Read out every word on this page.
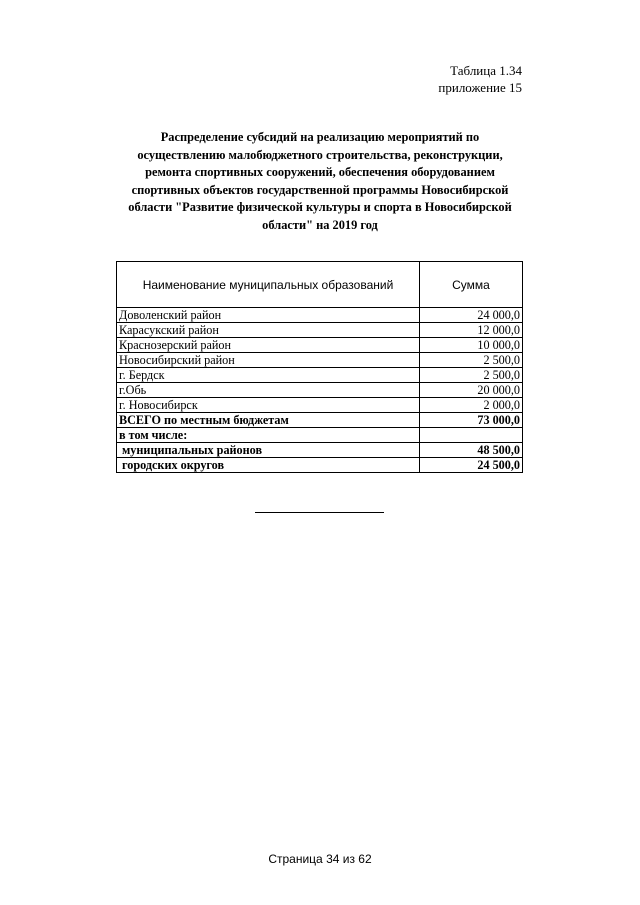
Таблица 1.34
приложение 15
Распределение субсидий на реализацию мероприятий по
осуществлению малобюджетного строительства, реконструкции,
ремонта спортивных сооружений, обеспечения оборудованием
спортивных объектов государственной программы Новосибирской
области "Развитие физической культуры и спорта в Новосибирской
области" на 2019 год
Наименование муниципальных образований	Сумма
Доволенский район	24 000,0
Карасукский район	12 000,0
Краснозерский район	10 000,0
Новосибирский район	2 500,0
г. Бердск	2 500,0
г.Обь	20 000,0
г. Новосибирск	2 000,0
ВСЕГО по местным бюджетам	73 000,0
в том числе:	
муниципальных районов	48 500,0
городских округов	24 500,0
Страница 34 из 62
